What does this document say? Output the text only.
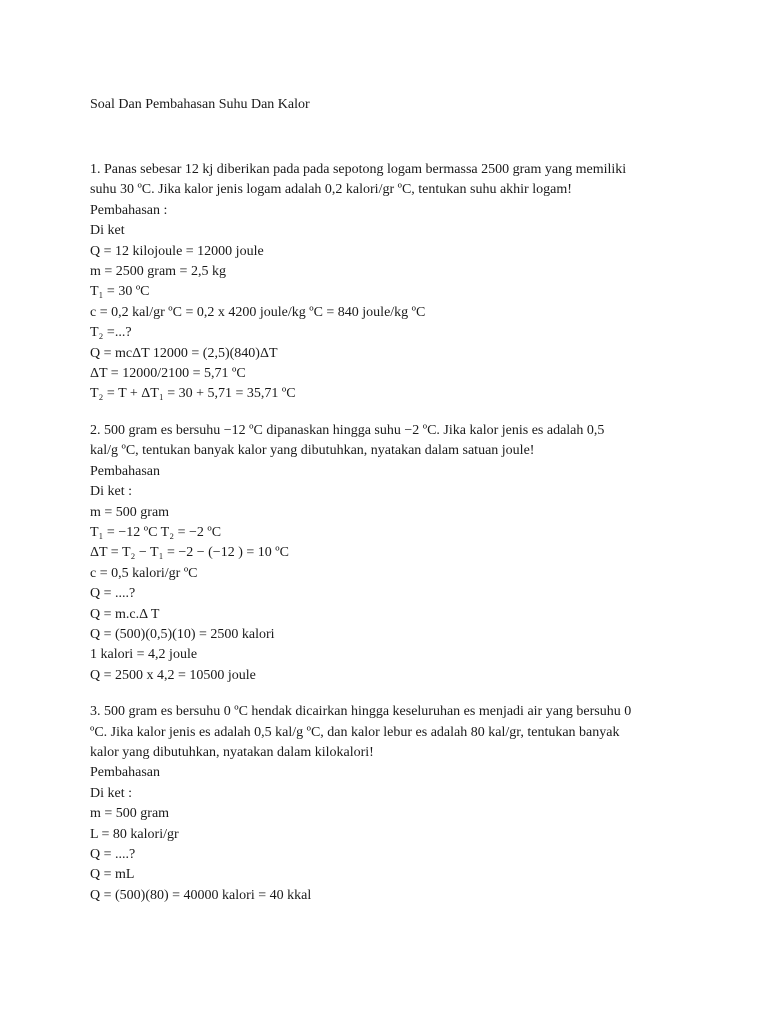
Soal Dan Pembahasan Suhu Dan Kalor

1. Panas sebesar 12 kj diberikan pada pada sepotong logam bermassa 2500 gram yang memiliki

suhu 30 ºC. Jika kalor jenis logam adalah 0,2 kalori/gr ºC, tentukan suhu akhir logam!

Pembahasan :

Di ket

Q = 12 kilojoule = 12000 joule

m = 2500 gram = 2,5 kg

T₁ = 30 ºC

c = 0,2 kal/gr ºC = 0,2 x 4200 joule/kg ºC = 840 joule/kg ºC

T₂ =...?

Q = mcΔT 12000 = (2,5)(840)ΔT

ΔT = 12000/2100 = 5,71 ºC

T₂ = T + ΔT₁ = 30 + 5,71 = 35,71 ºC

2. 500 gram es bersuhu −12 ºC dipanaskan hingga suhu −2 ºC. Jika kalor jenis es adalah 0,5

kal/g ºC, tentukan banyak kalor yang dibutuhkan, nyatakan dalam satuan joule!

Pembahasan

Di ket :

m = 500 gram

T₁ = −12 ºC T₂ = −2 ºC

ΔT = T₂ − T₁ = −2 − (−12 ) = 10 ºC

c = 0,5 kalori/gr ºC

Q = ....?

Q = m.c.Δ T

Q = (500)(0,5)(10) = 2500 kalori

1 kalori = 4,2 joule

Q = 2500 x 4,2 = 10500 joule

3. 500 gram es bersuhu 0 ºC hendak dicairkan hingga keseluruhan es menjadi air yang bersuhu 0

ºC. Jika kalor jenis es adalah 0,5 kal/g ºC, dan kalor lebur es adalah 80 kal/gr, tentukan banyak

kalor yang dibutuhkan, nyatakan dalam kilokalori!

Pembahasan

Di ket :

m = 500 gram

L = 80 kalori/gr

Q = ....?

Q = mL

Q = (500)(80) = 40000 kalori = 40 kkal
